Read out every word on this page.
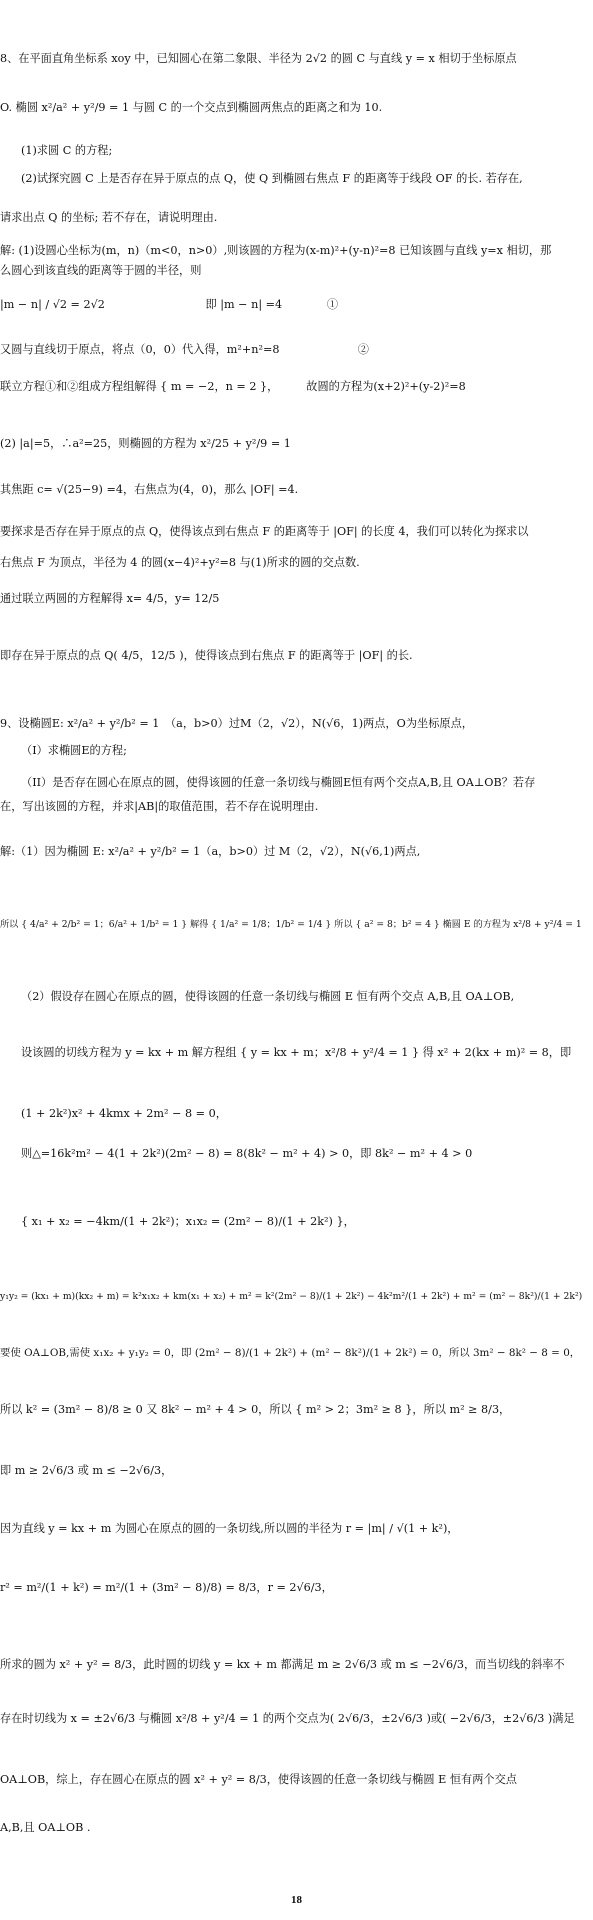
8、在平面直角坐标系 xoy 中，已知圆心在第二象限、半径为 2√2 的圆 C 与直线 y = x 相切于坐标原点
O. 椭圆 x²/a² + y²/9 = 1 与圆 C 的一个交点到椭圆两焦点的距离之和为 10.
(1)求圆 C 的方程;
(2)试探究圆 C 上是否存在异于原点的点 Q，使 Q 到椭圆右焦点 F 的距离等于线段 OF 的长. 若存在,
请求出点 Q 的坐标; 若不存在，请说明理由.
解: (1)设圆心坐标为(m，n)（m<0，n>0）,则该圆的方程为(x-m)²+(y-n)²=8 已知该圆与直线 y=x 相切，那
么圆心到该直线的距离等于圆的半径，则
|m − n| / √2 = 2√2　　　　　　　　　即 |m − n| =4　　　　①
又圆与直线切于原点，将点（0，0）代入得，m²+n²=8　　　　　　　②
联立方程①和②组成方程组解得 { m = −2，n = 2 }，　　　故圆的方程为(x+2)²+(y-2)²=8
(2) |a|=5，∴a²=25，则椭圆的方程为 x²/25 + y²/9 = 1
其焦距 c= √(25−9) =4，右焦点为(4，0)，那么 |OF| =4.
要探求是否存在异于原点的点 Q，使得该点到右焦点 F 的距离等于 |OF| 的长度 4，我们可以转化为探求以
右焦点 F 为顶点，半径为 4 的圆(x−4)²+y²=8 与(1)所求的圆的交点数.
通过联立两圆的方程解得 x= 4/5，y= 12/5
即存在异于原点的点 Q( 4/5，12/5 )，使得该点到右焦点 F 的距离等于 |OF| 的长.
9、设椭圆E: x²/a² + y²/b² = 1　（a，b>0）过M（2，√2），N(√6，1)两点，O为坐标原点，
（I）求椭圆E的方程;
（II）是否存在圆心在原点的圆，使得该圆的任意一条切线与椭圆E恒有两个交点A,B,且 OA⊥OB？若存
在，写出该圆的方程，并求|AB|的取值范围，若不存在说明理由.
解:（1）因为椭圆 E: x²/a² + y²/b² = 1（a，b>0）过 M（2，√2），N(√6,1)两点,
所以 { 4/a² + 2/b² = 1；6/a² + 1/b² = 1 } 解得 { 1/a² = 1/8；1/b² = 1/4 } 所以 { a² = 8；b² = 4 } 椭圆 E 的方程为 x²/8 + y²/4 = 1
（2）假设存在圆心在原点的圆，使得该圆的任意一条切线与椭圆 E 恒有两个交点 A,B,且 OA⊥OB,
设该圆的切线方程为 y = kx + m 解方程组 { y = kx + m；x²/8 + y²/4 = 1 } 得 x² + 2(kx + m)² = 8，即
(1 + 2k²)x² + 4kmx + 2m² − 8 = 0，
则△=16k²m² − 4(1 + 2k²)(2m² − 8) = 8(8k² − m² + 4) > 0，即 8k² − m² + 4 > 0
{ x₁ + x₂ = −4km/(1 + 2k²)；x₁x₂ = (2m² − 8)/(1 + 2k²) }，
y₁y₂ = (kx₁ + m)(kx₂ + m) = k²x₁x₂ + km(x₁ + x₂) + m² = k²(2m² − 8)/(1 + 2k²) − 4k²m²/(1 + 2k²) + m² = (m² − 8k²)/(1 + 2k²)
要使 OA⊥OB,需使 x₁x₂ + y₁y₂ = 0，即 (2m² − 8)/(1 + 2k²) + (m² − 8k²)/(1 + 2k²) = 0，所以 3m² − 8k² − 8 = 0，
所以 k² = (3m² − 8)/8 ≥ 0 又 8k² − m² + 4 > 0，所以 { m² > 2；3m² ≥ 8 }，所以 m² ≥ 8/3，
即 m ≥ 2√6/3 或 m ≤ −2√6/3，
因为直线 y = kx + m 为圆心在原点的圆的一条切线,所以圆的半径为 r = |m| / √(1 + k²)，
r² = m²/(1 + k²) = m²/(1 + (3m² − 8)/8) = 8/3，r = 2√6/3，
所求的圆为 x² + y² = 8/3，此时圆的切线 y = kx + m 都满足 m ≥ 2√6/3 或 m ≤ −2√6/3，而当切线的斜率不
存在时切线为 x = ±2√6/3 与椭圆 x²/8 + y²/4 = 1 的两个交点为( 2√6/3，±2√6/3 )或( −2√6/3，±2√6/3 )满足
OA⊥OB，综上，存在圆心在原点的圆 x² + y² = 8/3，使得该圆的任意一条切线与椭圆 E 恒有两个交点
A,B,且 OA⊥OB .
18
